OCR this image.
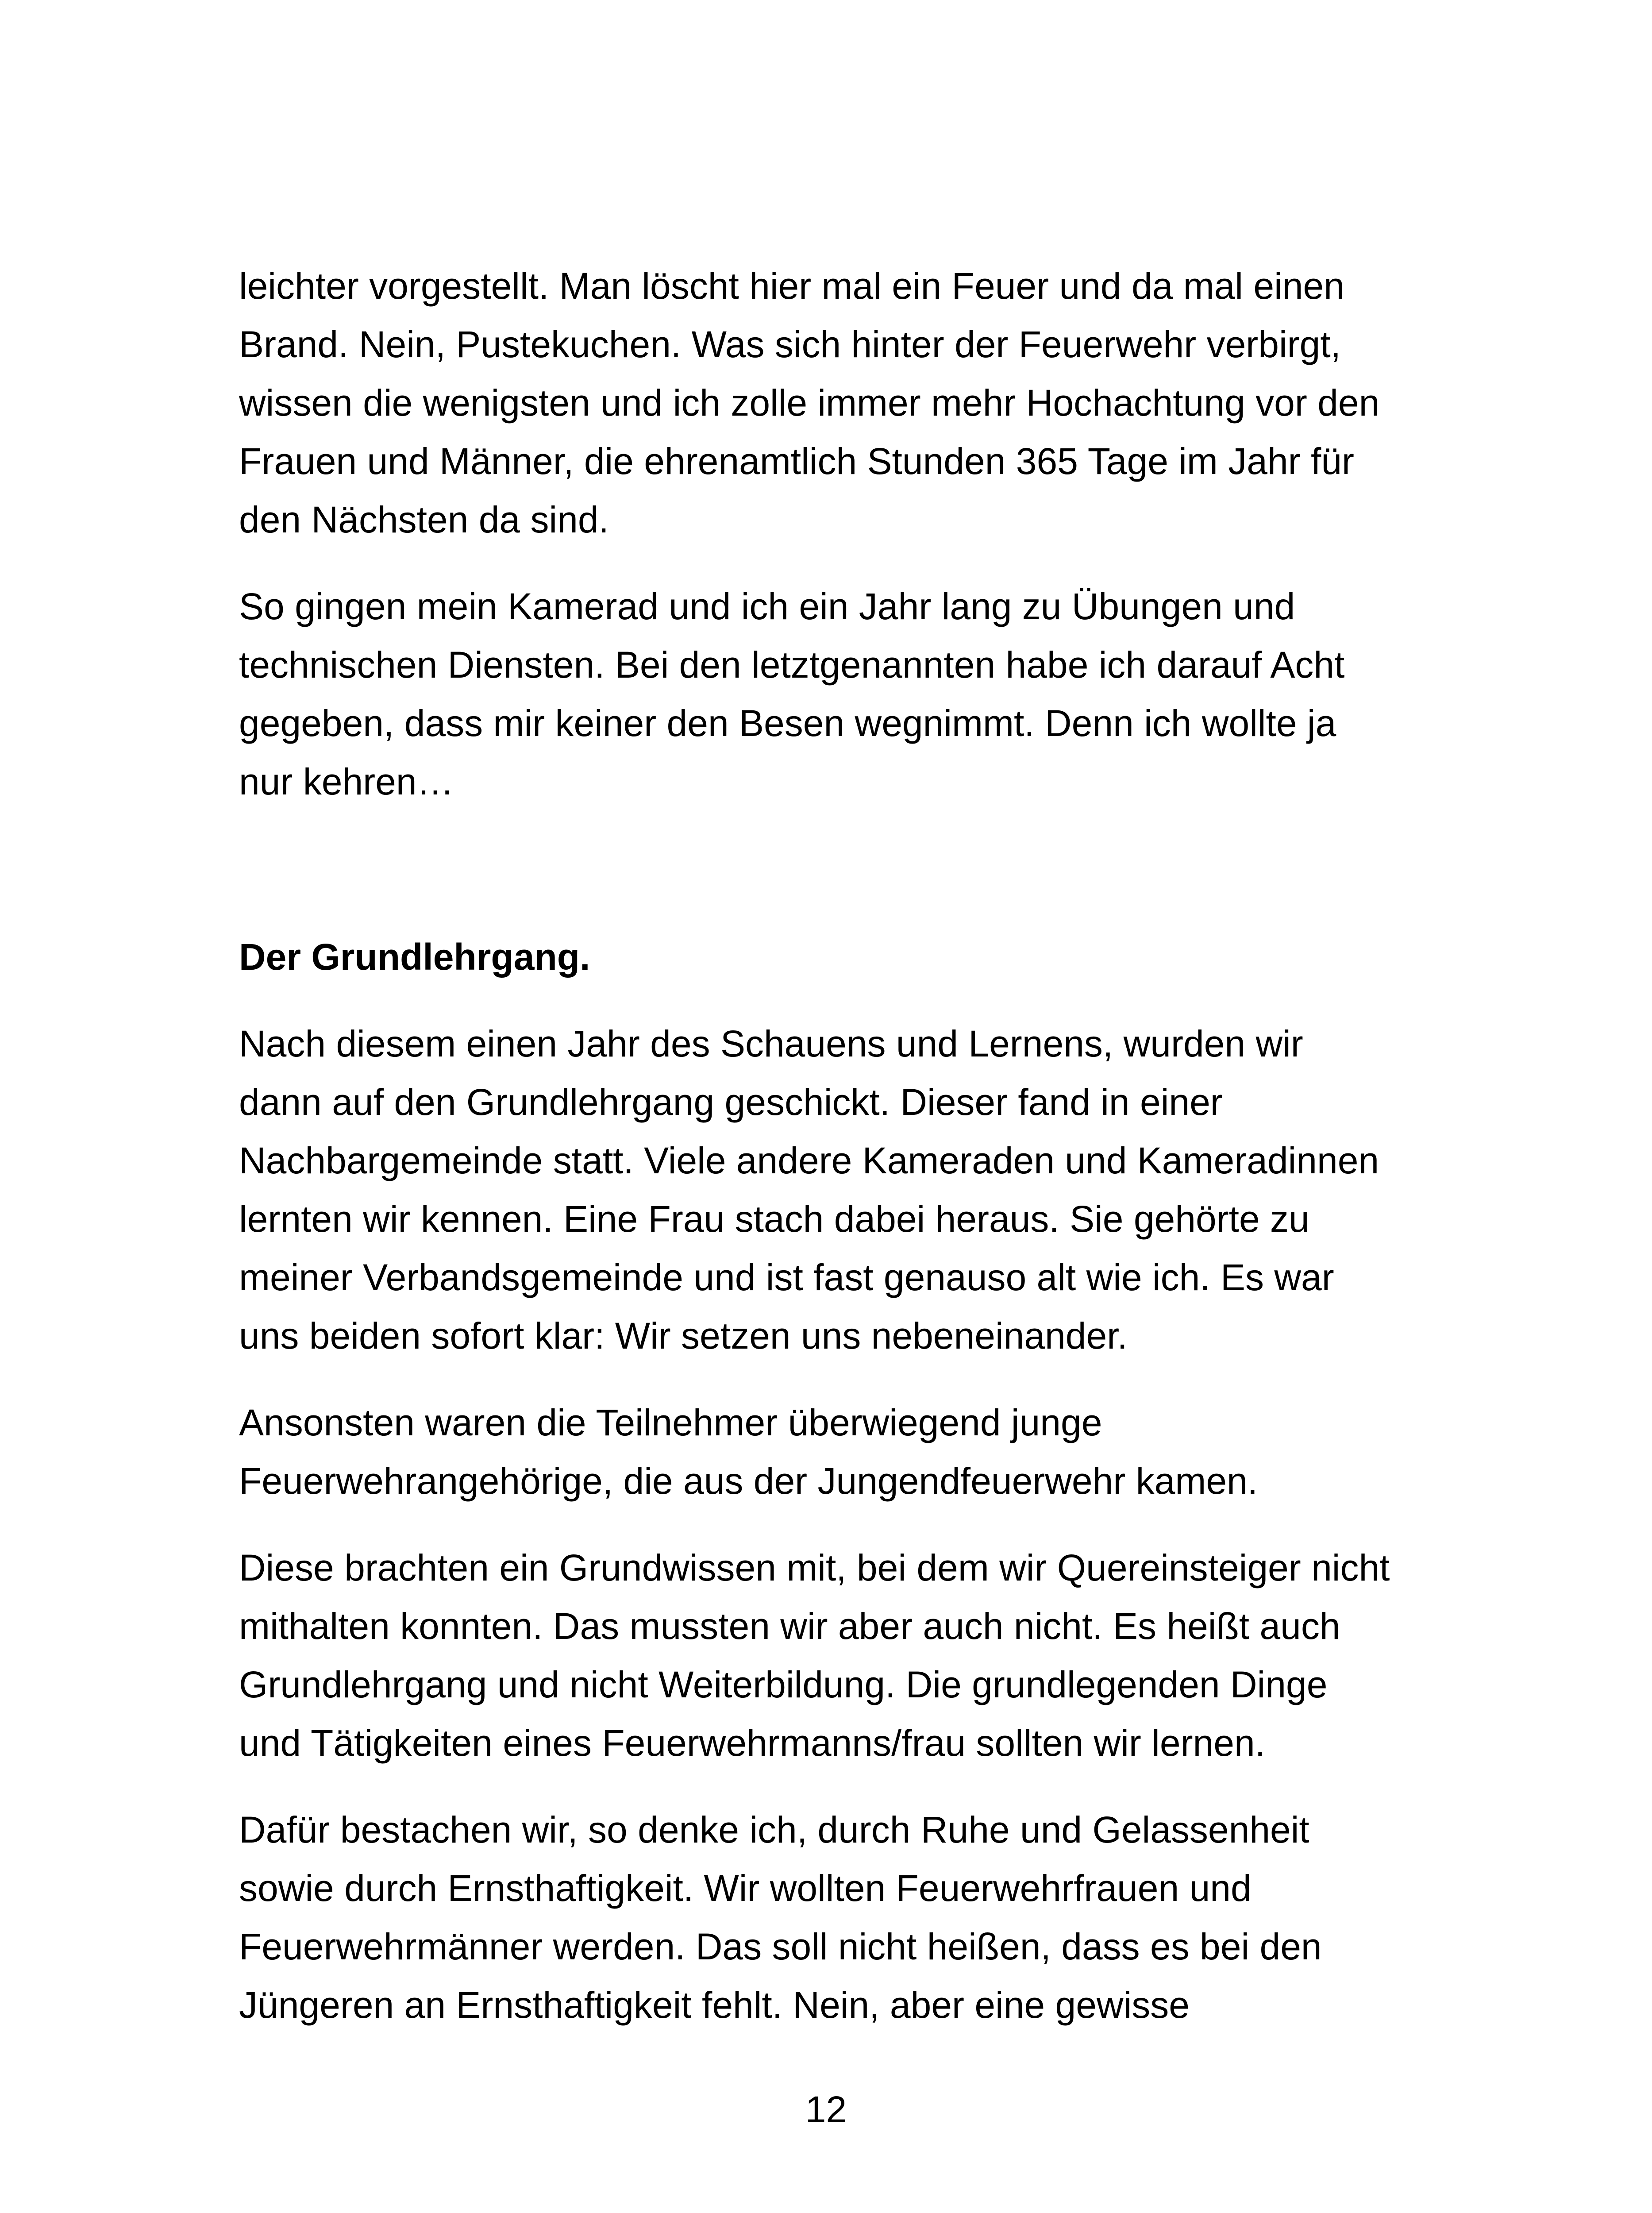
leichter vorgestellt. Man löscht hier mal ein Feuer und da mal einen
Brand. Nein, Pustekuchen. Was sich hinter der Feuerwehr verbirgt,
wissen die wenigsten und ich zolle immer mehr Hochachtung vor den
Frauen und Männer, die ehrenamtlich Stunden 365 Tage im Jahr für
den Nächsten da sind.
So gingen mein Kamerad und ich ein Jahr lang zu Übungen und
technischen Diensten. Bei den letztgenannten habe ich darauf Acht
gegeben, dass mir keiner den Besen wegnimmt. Denn ich wollte ja
nur kehren…
Der Grundlehrgang.
Nach diesem einen Jahr des Schauens und Lernens, wurden wir
dann auf den Grundlehrgang geschickt. Dieser fand in einer
Nachbargemeinde statt. Viele andere Kameraden und Kameradinnen
lernten wir kennen. Eine Frau stach dabei heraus. Sie gehörte zu
meiner Verbandsgemeinde und ist fast genauso alt wie ich. Es war
uns beiden sofort klar: Wir setzen uns nebeneinander.
Ansonsten waren die Teilnehmer überwiegend junge
Feuerwehrangehörige, die aus der Jungendfeuerwehr kamen.
Diese brachten ein Grundwissen mit, bei dem wir Quereinsteiger nicht
mithalten konnten. Das mussten wir aber auch nicht. Es heißt auch
Grundlehrgang und nicht Weiterbildung. Die grundlegenden Dinge
und Tätigkeiten eines Feuerwehrmanns/frau sollten wir lernen.
Dafür bestachen wir, so denke ich, durch Ruhe und Gelassenheit
sowie durch Ernsthaftigkeit. Wir wollten Feuerwehrfrauen und
Feuerwehrmänner werden. Das soll nicht heißen, dass es bei den
Jüngeren an Ernsthaftigkeit fehlt. Nein, aber eine gewisse
12
